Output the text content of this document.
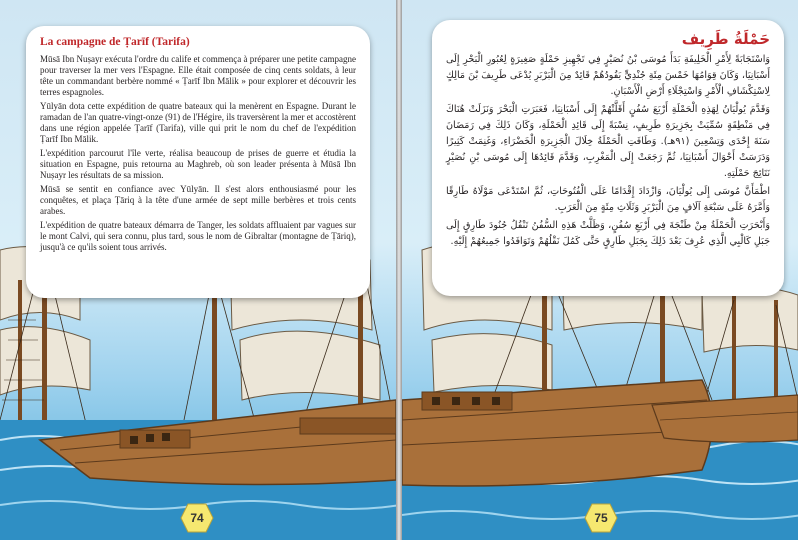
La campagne de Ṭarīf (Tarifa)

Mūsā Ibn Nuṣayr exécuta l'ordre du calife et commença à préparer une petite campagne pour traverser la mer vers l'Espagne. Elle était composée de cinq cents soldats, à leur tête un commandant berbère nommé « Ṭarīf Ibn Mālik » pour explorer et découvrir les terres espagnoles.

Yūlyān dota cette expédition de quatre bateaux qui la menèrent en Espagne. Durant le ramadan de l'an quatre-vingt-onze (91) de l'Hégire, ils traversèrent la mer et accostèrent dans une région appelée Ṭarīf (Tarifa), ville qui prit le nom du chef de l'expédition Ṭarīf Ibn Mālik.

L'expédition parcourut l'île verte, réalisa beaucoup de prises de guerre et étudia la situation en Espagne, puis retourna au Maghreb, où son leader présenta à Mūsā Ibn Nuṣayr les résultats de sa mission.

Mūsā se sentit en confiance avec Yūlyān. Il s'est alors enthousiasmé pour les conquêtes, et plaça Ṭāriq à la tête d'une armée de sept mille berbères et trois cents arabes.

L'expédition de quatre bateaux démarra de Tanger, les soldats affluaient par vagues sur le mont Calvi, qui sera connu, plus tard, sous le nom de Gibraltar (montagne de Ṭāriq), jusqu'à ce qu'ils soient tous arrivés.

74
حَمْلَةُ طَرِيف

وَاسْتَجَابَةً لِأَمْرِ الْخَلِيفَةِ بَدَأَ مُوسَى بْنُ نُصَيْرٍ فِي تَجْهِيزِ حَمْلَةٍ صَغِيرَةٍ لِعُبُورِ الْبَحْرِ إِلَى أَسْبَانِيَا، وَكَانَ قِوَامُهَا خَمْسَ مِئَةِ جُنْدِيٍّ يَقُودُهُمْ قَائِدٌ مِنَ الْبَرْبَرِ يُدْعَى طَرِيفَ بْنَ مَالِكٍ لِاسْتِكْشَافِ الْأَمْرِ وَاسْتِجْلَاءِ أَرْضِ الْأَسْبَانِ.

وَقَدَّمَ يُولْيَانُ لِهَذِهِ الْحَمْلَةِ أَرْبَعَ سُفُنٍ أَقَلَّتْهُمْ إِلَى أَسْبَانِيَا، فَعَبَرَتِ الْبَحْرَ وَنَزَلَتْ هُنَاكَ فِي مَنْطِقَةٍ سُمِّيَتْ بِجَزِيرَةِ طَرِيفٍ، نِسْبَةً إِلَى قَائِدِ الْحَمْلَةِ، وَكَانَ ذَلِكَ فِي رَمَضَانَ سَنَةَ إِحْدَى وَتِسْعِينَ (٩١هـ). وَطَافَتِ الْحَمْلَةُ خِلَالَ الْجَزِيرَةِ الْخَضْرَاءِ، وَغَنِمَتْ كَثِيرًا وَدَرَسَتْ أَحْوَالَ أَسْبَانِيَا، ثُمَّ رَجَعَتْ إِلَى الْمَغْرِبِ، وَقَدَّمَ قَائِدُهَا إِلَى مُوسَى بْنِ نُصَيْرٍ نَتَائِجَ حَمْلَتِهِ.

اطْمَأَنَّ مُوسَى إِلَى يُولْيَانَ، وَازْدَادَ إِقْدَامًا عَلَى الْفُتُوحَاتِ، ثُمَّ اسْتَدْعَى مَوْلَاهُ طَارِقًا وَأَمَّرَهُ عَلَى سَبْعَةِ آلَافٍ مِنَ الْبَرْبَرِ وَثَلَاثِ مِئَةٍ مِنَ الْعَرَبِ.

وَأَبْحَرَتِ الْحَمْلَةُ مِنْ طَنْجَةَ فِي أَرْبَعِ سُفُنٍ، وَظَلَّتْ هَذِهِ السُّفُنُ تَنْقُلُ جُنُودَ طَارِقٍ إِلَى جَبَلِ كَالْبِي الَّذِي عُرِفَ بَعْدَ ذَلِكَ بِجَبَلِ طَارِقٍ حَتَّى كَمُلَ نَقْلُهُمْ وَتَوَافَدُوا جَمِيعُهُمْ إِلَيْهِ.

75
